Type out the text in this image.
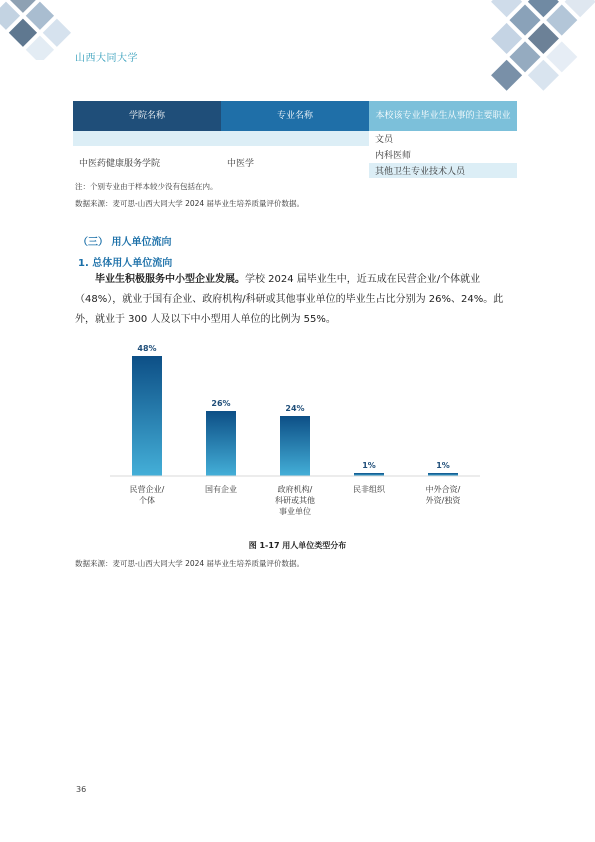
山西大同大学
学院名称	专业名称	本校该专业毕业生从事的主要职业
		文员
中医药健康服务学院	中医学	内科医师
		其他卫生专业技术人员
注：个别专业由于样本较少没有包括在内。
数据来源：麦可思-山西大同大学 2024 届毕业生培养质量评价数据。
（三） 用人单位流向
1. 总体用人单位流向
毕业生积极服务中小型企业发展。学校 2024 届毕业生中，近五成在民营企业/个体就业（48%），就业于国有企业、政府机构/科研或其他事业单位的毕业生占比分别为 26%、24%。此外，就业于 300 人及以下中小型用人单位的比例为 55%。
48%
26%
24%
1%	1%
民营企业/个体
国有企业	政府机构/科研或其他事业单位
民非组织	中外合资/外资/独资
图 1-17 用人单位类型分布
数据来源：麦可思-山西大同大学 2024 届毕业生培养质量评价数据。
36
